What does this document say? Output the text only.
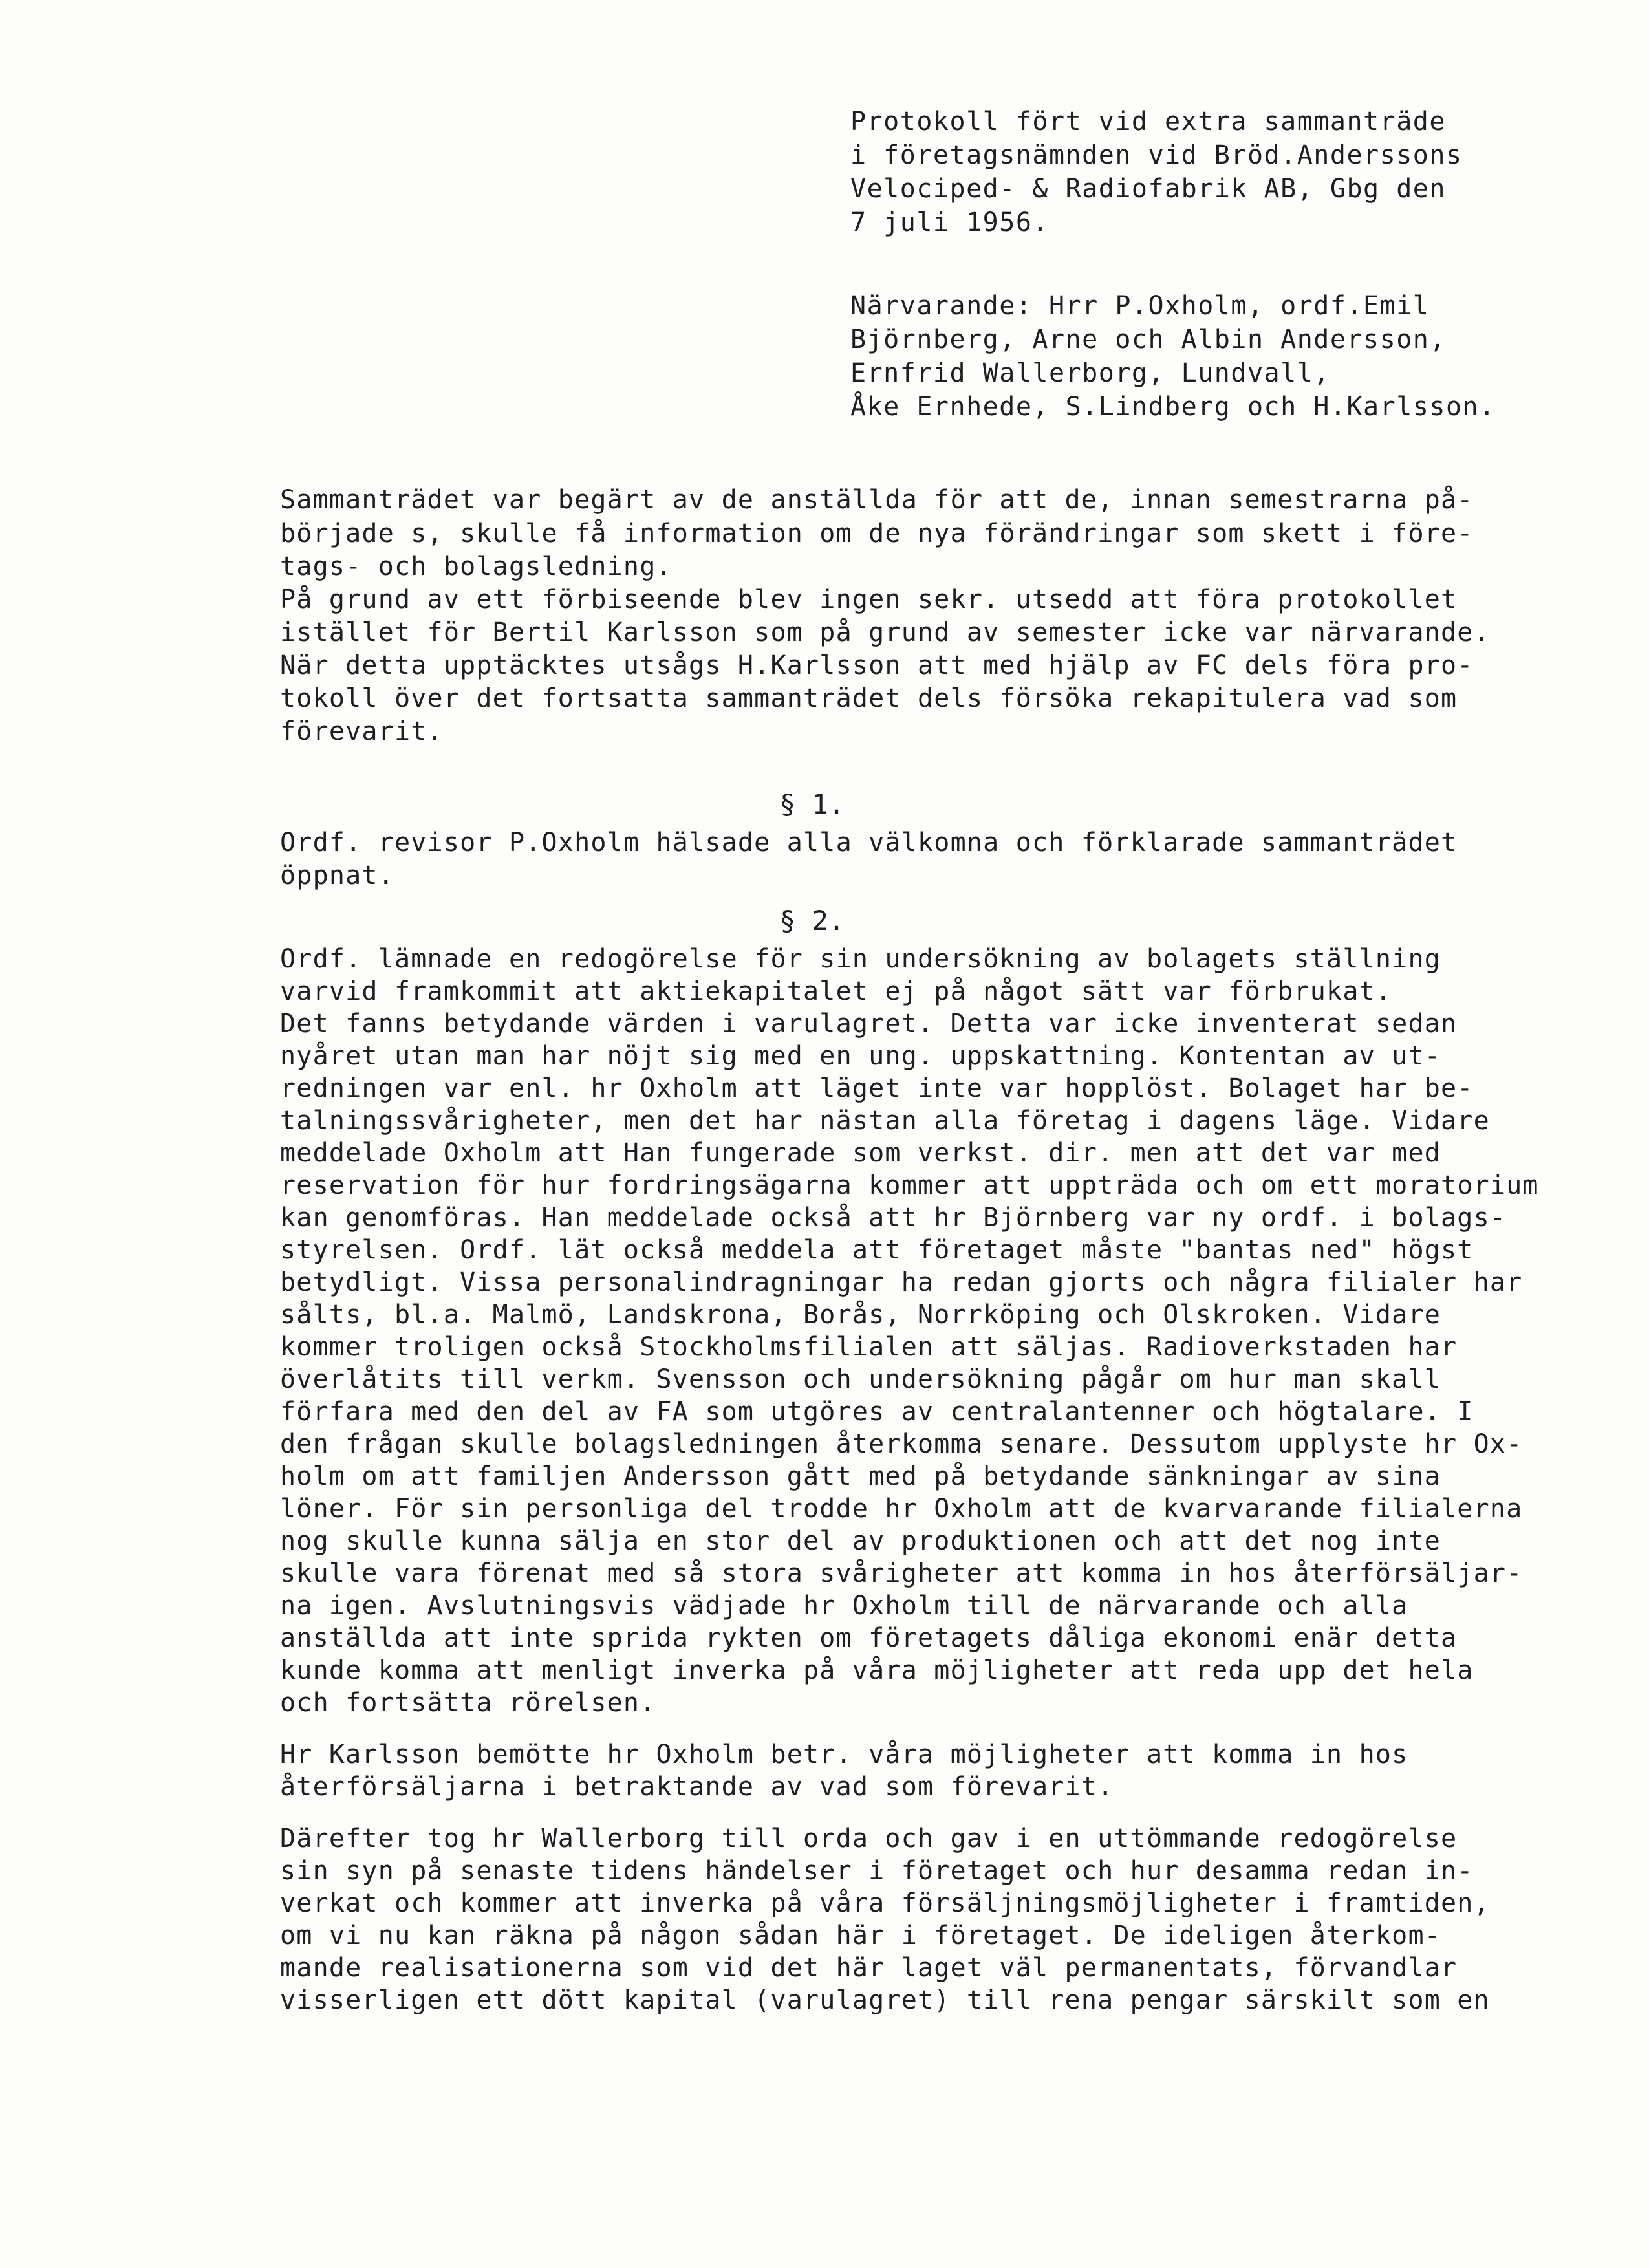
Protokoll fört vid extra sammanträde
i företagsnämnden vid Bröd.Anderssons
Velociped- & Radiofabrik AB, Gbg den
7 juli 1956.
Närvarande: Hrr P.Oxholm, ordf.Emil
Björnberg, Arne och Albin Andersson,
Ernfrid Wallerborg, Lundvall,
Åke Ernhede, S.Lindberg och H.Karlsson.
Sammanträdet var begärt av de anställda för att de, innan semestrarna på-
började s, skulle få information om de nya förändringar som skett i före-
tags- och bolagsledning.
På grund av ett förbiseende blev ingen sekr. utsedd att föra protokollet
istället för Bertil Karlsson som på grund av semester icke var närvarande.
När detta upptäcktes utsågs H.Karlsson att med hjälp av FC dels föra pro-
tokoll över det fortsatta sammanträdet dels försöka rekapitulera vad som
förevarit.
§ 1.
Ordf. revisor P.Oxholm hälsade alla välkomna och förklarade sammanträdet
öppnat.
§ 2.
Ordf. lämnade en redogörelse för sin undersökning av bolagets ställning
varvid framkommit att aktiekapitalet ej på något sätt var förbrukat.
Det fanns betydande värden i varulagret. Detta var icke inventerat sedan
nyåret utan man har nöjt sig med en ung. uppskattning. Kontentan av ut-
redningen var enl. hr Oxholm att läget inte var hopplöst. Bolaget har be-
talningssvårigheter, men det har nästan alla företag i dagens läge. Vidare
meddelade Oxholm att Han fungerade som verkst. dir. men att det var med
reservation för hur fordringsägarna kommer att uppträda och om ett moratorium
kan genomföras. Han meddelade också att hr Björnberg var ny ordf. i bolags-
styrelsen. Ordf. lät också meddela att företaget måste "bantas ned" högst
betydligt. Vissa personalindragningar ha redan gjorts och några filialer har
sålts, bl.a. Malmö, Landskrona, Borås, Norrköping och Olskroken. Vidare
kommer troligen också Stockholmsfilialen att säljas. Radioverkstaden har
överlåtits till verkm. Svensson och undersökning pågår om hur man skall
förfara med den del av FA som utgöres av centralantenner och högtalare. I
den frågan skulle bolagsledningen återkomma senare. Dessutom upplyste hr Ox-
holm om att familjen Andersson gått med på betydande sänkningar av sina
löner. För sin personliga del trodde hr Oxholm att de kvarvarande filialerna
nog skulle kunna sälja en stor del av produktionen och att det nog inte
skulle vara förenat med så stora svårigheter att komma in hos återförsäljar-
na igen. Avslutningsvis vädjade hr Oxholm till de närvarande och alla
anställda att inte sprida rykten om företagets dåliga ekonomi enär detta
kunde komma att menligt inverka på våra möjligheter att reda upp det hela
och fortsätta rörelsen.
Hr Karlsson bemötte hr Oxholm betr. våra möjligheter att komma in hos
återförsäljarna i betraktande av vad som förevarit.
Därefter tog hr Wallerborg till orda och gav i en uttömmande redogörelse
sin syn på senaste tidens händelser i företaget och hur desamma redan in-
verkat och kommer att inverka på våra försäljningsmöjligheter i framtiden,
om vi nu kan räkna på någon sådan här i företaget. De ideligen återkom-
mande realisationerna som vid det här laget väl permanentats, förvandlar
visserligen ett dött kapital (varulagret) till rena pengar särskilt som en
